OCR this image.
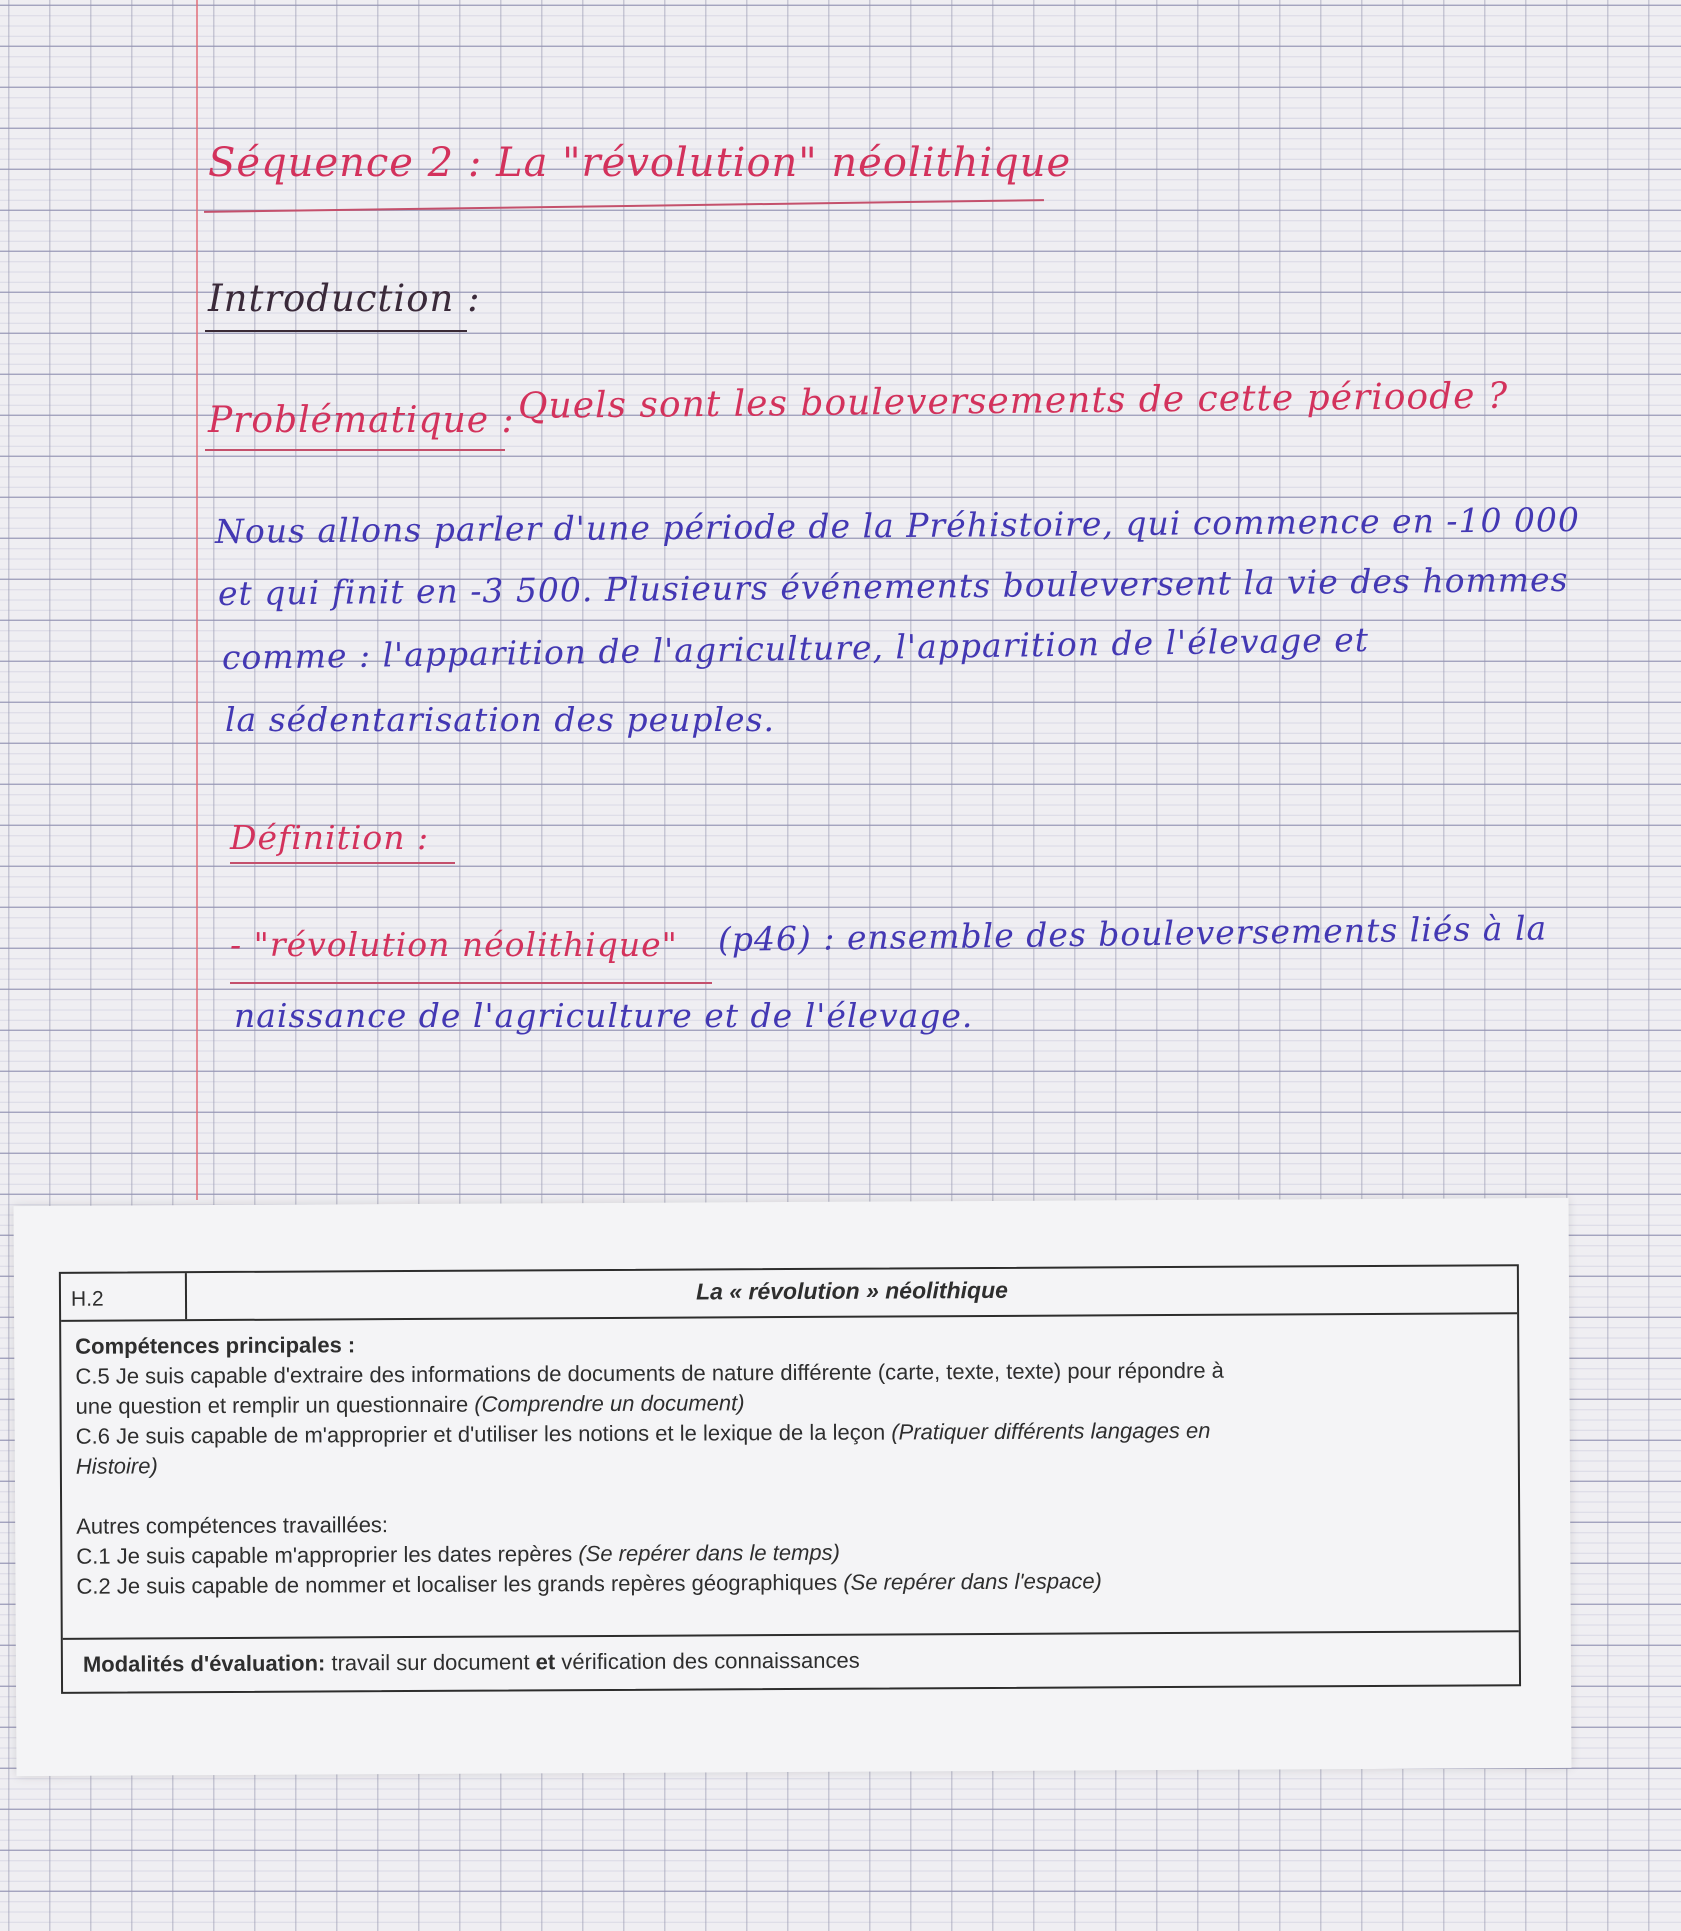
Séquence 2 : La "révolution" néolithique

Introduction :

Problématique : Quels sont les bouleversements de cette périoode ?

Nous allons parler d'une période de la Préhistoire, qui commence en -10 000

et qui finit en -3 500. Plusieurs événements bouleversent la vie des hommes

comme : l'apparition de l'agriculture, l'apparition de l'élevage et

la sédentarisation des peuples.

Définition :

- "révolution néolithique" (p46) : ensemble des bouleversements liés à la

naissance de l'agriculture et de l'élevage.

H.2	La « révolution » néolithique

Compétences principales :

C.5 Je suis capable d'extraire des informations de documents de nature différente (carte, texte, texte) pour répondre à

une question et remplir un questionnaire (Comprendre un document)

C.6 Je suis capable de m'approprier et d'utiliser les notions et le lexique de la leçon (Pratiquer différents langages en

Histoire)

Autres compétences travaillées:

C.1 Je suis capable m'approprier les dates repères (Se repérer dans le temps)

C.2 Je suis capable de nommer et localiser les grands repères géographiques (Se repérer dans l'espace)

Modalités d'évaluation: travail sur document et vérification des connaissances
